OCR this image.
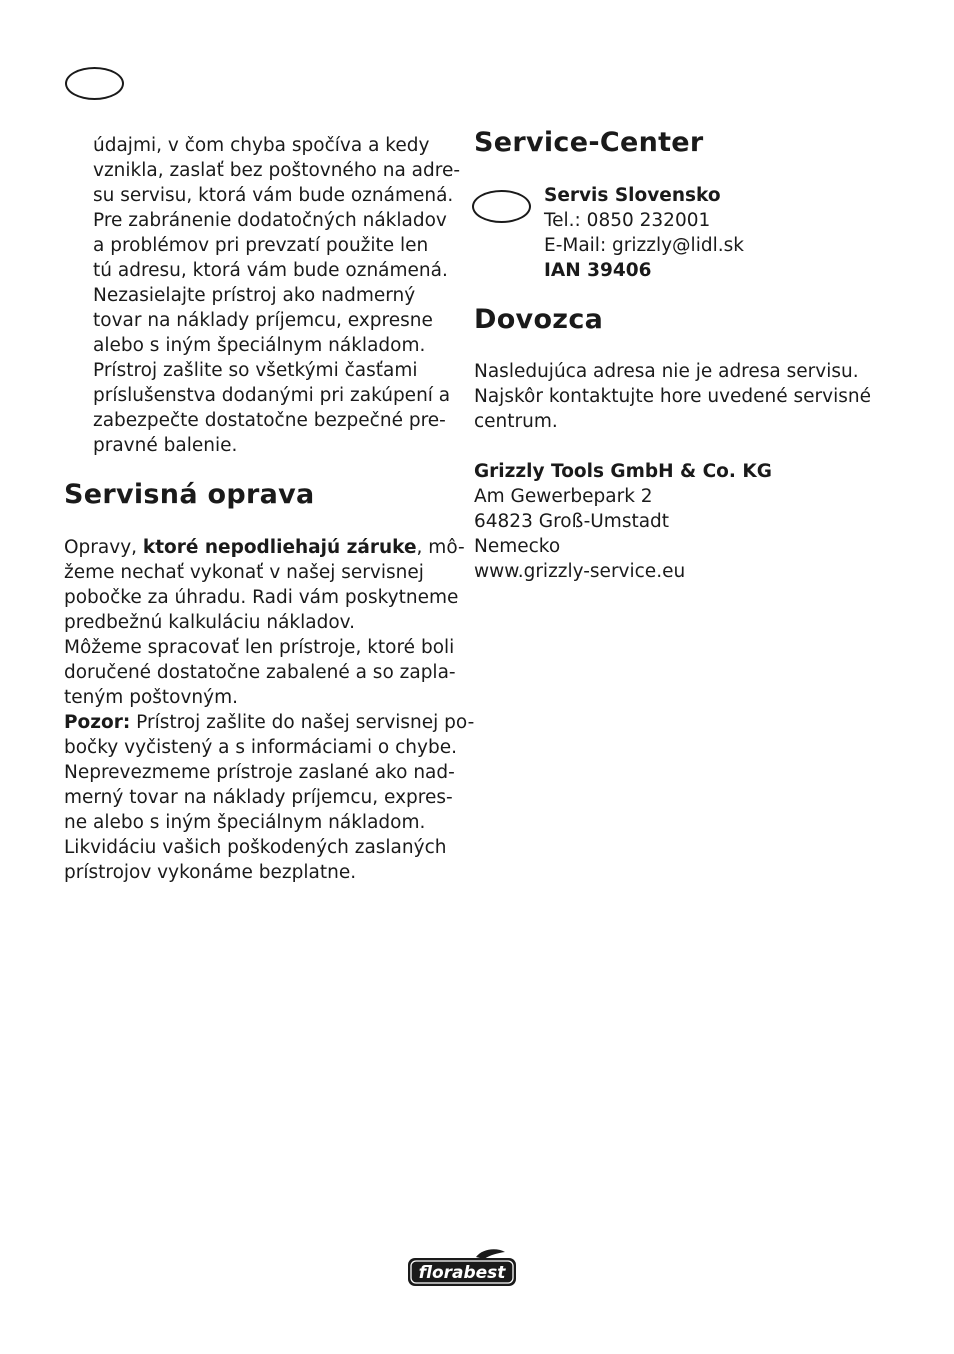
údajmi, v čom chyba spočíva a kedy
vznikla, zaslať bez poštovného na adre-
su servisu, ktorá vám bude oznámená.
Pre zabránenie dodatočných nákladov
a problémov pri prevzatí použite len
tú adresu, ktorá vám bude oznámená.
Nezasielajte prístroj ako nadmerný
tovar na náklady príjemcu, expresne
alebo s iným špeciálnym nákladom.
Prístroj zašlite so všetkými časťami
príslušenstva dodanými pri zakúpení a
zabezpečte dostatočne bezpečné pre-
pravné balenie.
Servisná oprava
Opravy, ktoré nepodliehajú záruke, mô-
žeme nechať vykonať v našej servisnej
pobočke za úhradu. Radi vám poskytneme
predbežnú kalkuláciu nákladov.
Môžeme spracovať len prístroje, ktoré boli
doručené dostatočne zabalené a so zapla-
teným poštovným.
Pozor: Prístroj zašlite do našej servisnej po-
bočky vyčistený a s informáciami o chybe.
Neprevezmeme prístroje zaslané ako nad-
merný tovar na náklady príjemcu, expres-
ne alebo s iným špeciálnym nákladom.
Likvidáciu vašich poškodených zaslaných
prístrojov vykonáme bezplatne.
Service-Center
Servis Slovensko
Tel.: 0850 232001
E-Mail: grizzly@lidl.sk
IAN 39406
Dovozca
Nasledujúca adresa nie je adresa servisu.
Najskôr kontaktujte hore uvedené servisné
centrum.
Grizzly Tools GmbH & Co. KG
Am Gewerbepark 2
64823 Groß-Umstadt
Nemecko
www.grizzly-service.eu
florabest
